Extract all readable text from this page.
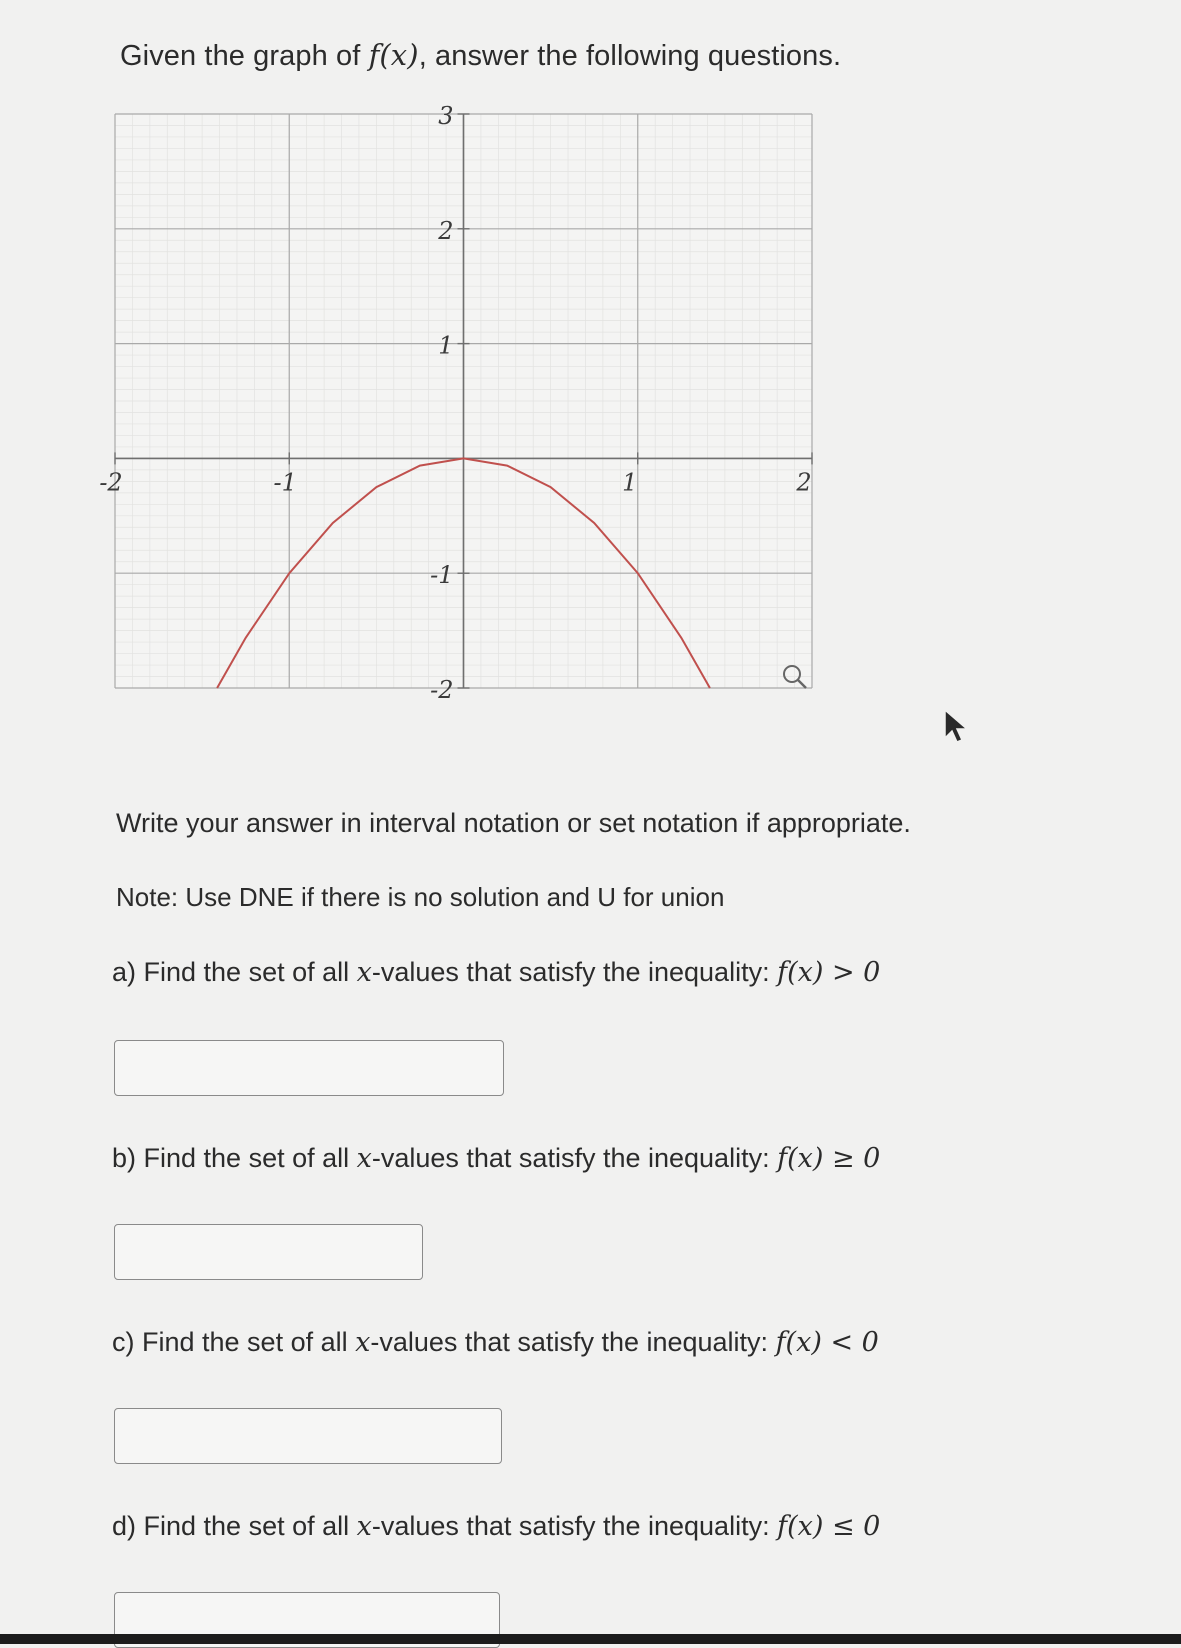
Given the graph of f(x), answer the following questions.
-2	-1	1	2
3
2
1
-1
-2
Write your answer in interval notation or set notation if appropriate.
Note: Use DNE if there is no solution and U for union
a) Find the set of all x-values that satisfy the inequality: f(x) > 0
b) Find the set of all x-values that satisfy the inequality: f(x) ≥ 0
c) Find the set of all x-values that satisfy the inequality: f(x) < 0
d) Find the set of all x-values that satisfy the inequality: f(x) ≤ 0
